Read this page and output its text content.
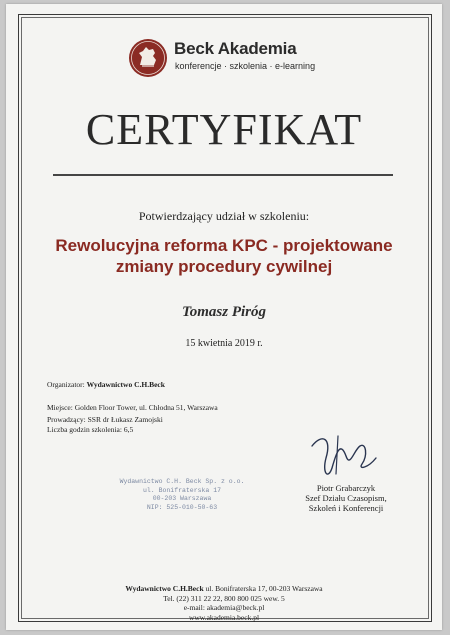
Beck Akademia
konferencje · szkolenia · e-learning
CERTYFIKAT
Potwierdzający udział w szkoleniu:
Rewolucyjna reforma KPC - projektowane
zmiany procedury cywilnej
Tomasz Piróg
15 kwietnia 2019 r.
Organizator: Wydawnictwo C.H.Beck
Miejsce: Golden Floor Tower, ul. Chłodna 51, Warszawa
Prowadzący: SSR dr Łukasz Zamojski
Liczba godzin szkolenia: 6,5
Wydawnictwo C.H. Beck Sp. z o.o.
ul. Bonifraterska 17
00-203 Warszawa
NIP: 525-010-50-63
Piotr Grabarczyk
Szef Działu Czasopism,
Szkoleń i Konferencji
Wydawnictwo C.H.Beck ul. Bonifraterska 17, 00-203 Warszawa
Tel. (22) 311 22 22, 800 800 025 wew. 5
e-mail: akademia@beck.pl
www.akademia.beck.pl
